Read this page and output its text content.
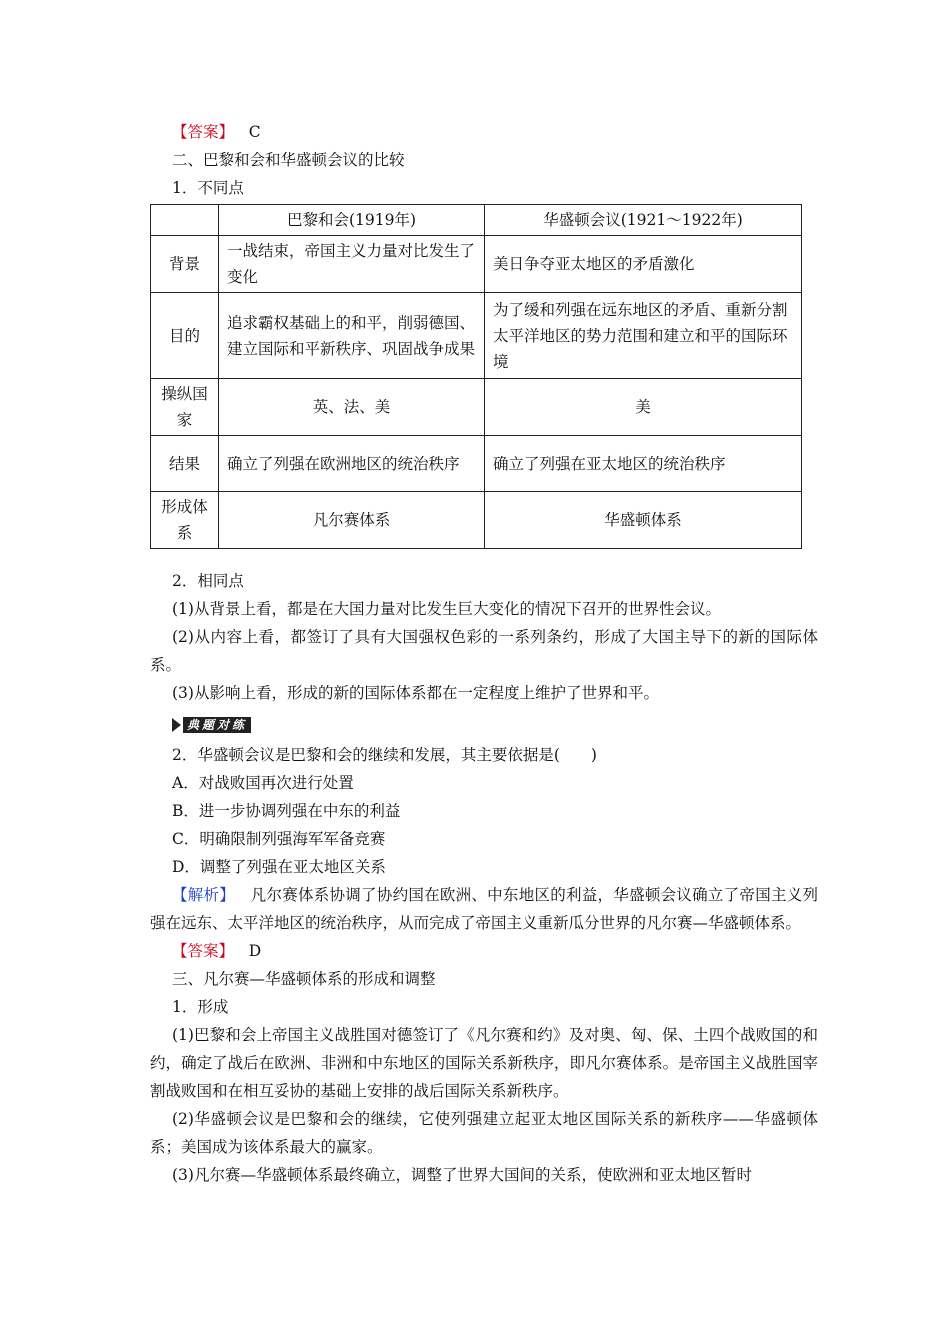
【答案】 C
二、巴黎和会和华盛顿会议的比较
1．不同点
	巴黎和会(1919年)	华盛顿会议(1921～1922年)
背景	一战结束，帝国主义力量对比发生了变化	美日争夺亚太地区的矛盾激化
目的	追求霸权基础上的和平，削弱德国、建立国际和平新秩序、巩固战争成果	为了缓和列强在远东地区的矛盾、重新分割太平洋地区的势力范围和建立和平的国际环境
操纵国家	英、法、美	美
结果	确立了列强在欧洲地区的统治秩序	确立了列强在亚太地区的统治秩序
形成体系	凡尔赛体系	华盛顿体系
2．相同点
(1)从背景上看，都是在大国力量对比发生巨大变化的情况下召开的世界性会议。
(2)从内容上看，都签订了具有大国强权色彩的一系列条约，形成了大国主导下的新的国际体系。
(3)从影响上看，形成的新的国际体系都在一定程度上维护了世界和平。
典题对练
2．华盛顿会议是巴黎和会的继续和发展，其主要依据是(　　)
A．对战败国再次进行处置
B．进一步协调列强在中东的利益
C．明确限制列强海军军备竞赛
D．调整了列强在亚太地区关系
【解析】 凡尔赛体系协调了协约国在欧洲、中东地区的利益，华盛顿会议确立了帝国主义列强在远东、太平洋地区的统治秩序，从而完成了帝国主义重新瓜分世界的凡尔赛—华盛顿体系。
【答案】 D
三、凡尔赛—华盛顿体系的形成和调整
1．形成
(1)巴黎和会上帝国主义战胜国对德签订了《凡尔赛和约》及对奥、匈、保、土四个战败国的和约，确定了战后在欧洲、非洲和中东地区的国际关系新秩序，即凡尔赛体系。是帝国主义战胜国宰割战败国和在相互妥协的基础上安排的战后国际关系新秩序。
(2)华盛顿会议是巴黎和会的继续，它使列强建立起亚太地区国际关系的新秩序——华盛顿体系；美国成为该体系最大的赢家。
(3)凡尔赛—华盛顿体系最终确立，调整了世界大国间的关系，使欧洲和亚太地区暂时
